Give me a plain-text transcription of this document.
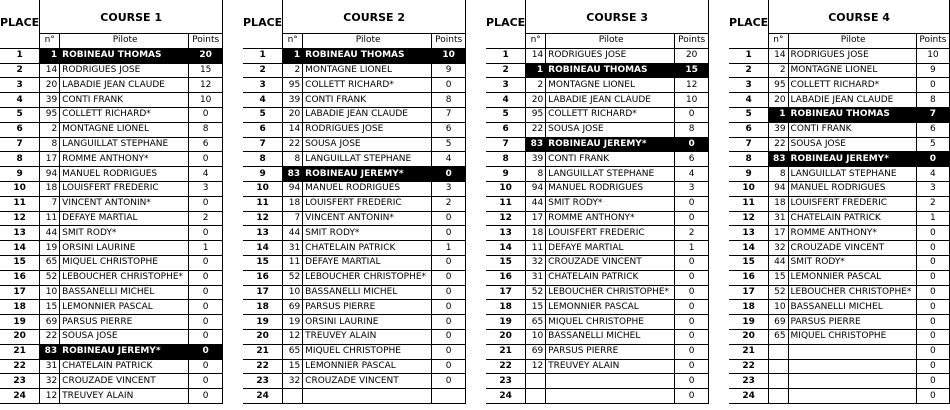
PLACE	COURSE 1		
	n°	Pilote	Points
1	1	ROBINEAU THOMAS	20
2	14	RODRIGUES JOSE	15
3	20	LABADIE JEAN CLAUDE	12
4	39	CONTI FRANK	10
5	95	COLLETT RICHARD*	0
6	2	MONTAGNE LIONEL	8
7	8	LANGUILLAT STEPHANE	6
8	17	ROMME ANTHONY*	0
9	94	MANUEL RODRIGUES	4
10	18	LOUISFERT FREDERIC	3
11	7	VINCENT ANTONIN*	0
12	11	DEFAYE MARTIAL	2
13	44	SMIT RODY*	0
14	19	ORSINI LAURINE	1
15	65	MIQUEL CHRISTOPHE	0
16	52	LEBOUCHER CHRISTOPHE*	0
17	10	BASSANELLI MICHEL	0
18	15	LEMONNIER PASCAL	0
19	69	PARSUS PIERRE	0
20	22	SOUSA JOSE	0
21	83	ROBINEAU JEREMY*	0
22	31	CHATELAIN PATRICK	0
23	32	CROUZADE VINCENT	0
24	12	TREUVEY ALAIN	0
PLACE	COURSE 2		
	n°	Pilote	Points
1	1	ROBINEAU THOMAS	10
2	2	MONTAGNE LIONEL	9
3	95	COLLETT RICHARD*	0
4	39	CONTI FRANK	8
5	20	LABADIE JEAN CLAUDE	7
6	14	RODRIGUES JOSE	6
7	22	SOUSA JOSE	5
8	8	LANGUILLAT STEPHANE	4
9	83	ROBINEAU JEREMY*	0
10	94	MANUEL RODRIGUES	3
11	18	LOUISFERT FREDERIC	2
12	7	VINCENT ANTONIN*	0
13	44	SMIT RODY*	0
14	31	CHATELAIN PATRICK	1
15	11	DEFAYE MARTIAL	0
16	52	LEBOUCHER CHRISTOPHE*	0
17	10	BASSANELLI MICHEL	0
18	69	PARSUS PIERRE	0
19	19	ORSINI LAURINE	0
20	12	TREUVEY ALAIN	0
21	65	MIQUEL CHRISTOPHE	0
22	15	LEMONNIER PASCAL	0
23	32	CROUZADE VINCENT	0
24			
PLACE	COURSE 3		
	n°	Pilote	Points
1	14	RODRIGUES JOSE	20
2	1	ROBINEAU THOMAS	15
3	2	MONTAGNE LIONEL	12
4	20	LABADIE JEAN CLAUDE	10
5	95	COLLETT RICHARD*	0
6	22	SOUSA JOSE	8
7	83	ROBINEAU JEREMY*	0
8	39	CONTI FRANK	6
9	8	LANGUILLAT STEPHANE	4
10	94	MANUEL RODRIGUES	3
11	44	SMIT RODY*	0
12	17	ROMME ANTHONY*	0
13	18	LOUISFERT FREDERIC	2
14	11	DEFAYE MARTIAL	1
15	32	CROUZADE VINCENT	0
16	31	CHATELAIN PATRICK	0
17	52	LEBOUCHER CHRISTOPHE*	0
18	15	LEMONNIER PASCAL	0
19	65	MIQUEL CHRISTOPHE	0
20	10	BASSANELLI MICHEL	0
21	69	PARSUS PIERRE	0
22	12	TREUVEY ALAIN	0
23			0
24			0
PLACE	COURSE 4		
	n°	Pilote	Points
1	14	RODRIGUES JOSE	10
2	2	MONTAGNE LIONEL	9
3	95	COLLETT RICHARD*	0
4	20	LABADIE JEAN CLAUDE	8
5	1	ROBINEAU THOMAS	7
6	39	CONTI FRANK	6
7	22	SOUSA JOSE	5
8	83	ROBINEAU JEREMY*	0
9	8	LANGUILLAT STEPHANE	4
10	94	MANUEL RODRIGUES	3
11	18	LOUISFERT FREDERIC	2
12	31	CHATELAIN PATRICK	1
13	17	ROMME ANTHONY*	0
14	32	CROUZADE VINCENT	0
15	44	SMIT RODY*	0
16	15	LEMONNIER PASCAL	0
17	52	LEBOUCHER CHRISTOPHE*	0
18	10	BASSANELLI MICHEL	0
19	69	PARSUS PIERRE	0
20	65	MIQUEL CHRISTOPHE	0
21			0
22			0
23			0
24			0
